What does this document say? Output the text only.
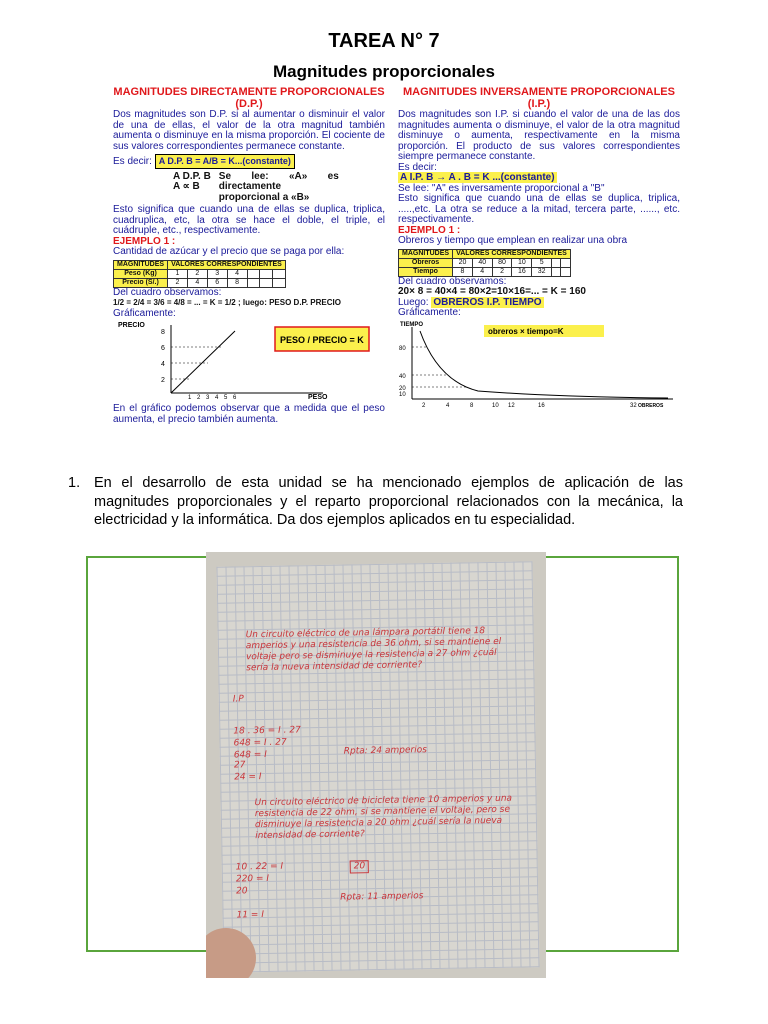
TAREA N° 7
Magnitudes proporcionales
MAGNITUDES DIRECTAMENTE PROPORCIONALES (D.P.)
Dos magnitudes son D.P. si al aumentar o disminuir el valor de una de ellas, el valor de la otra magnitud también aumenta o disminuye en la misma proporción. El cociente de sus valores correspondientes permanece constante.
Es decir: A D.P. B = A/B = K...(constante)
A D.P. B
A ∝ B
Se lee: «A» es directamente proporcional a «B»
Esto significa que cuando una de ellas se duplica, triplica, cuadruplica, etc, la otra se hace el doble, el triple, el cuádruple, etc., respectivamente.
EJEMPLO 1 :
Cantidad de azúcar y el precio que se paga por ella:
MAGNITUDES	VALORES CORRESPONDIENTES						
Peso (Kg)	1	2	3	4			
Precio (S/.)	2	4	6	8			
Del cuadro observamos:
1/2 = 2/4 = 3/6 = 4/8 = ... = K = 1/2 ; luego: PESO D.P. PRECIO
Gráficamente:
PRECIO
8
6
4
2
1 2 3 4 5 6	PESO
PESO / PRECIO = K
En el gráfico podemos observar que a medida que el peso aumenta, el precio también aumenta.
MAGNITUDES INVERSAMENTE PROPORCIONALES (I.P.)
Dos magnitudes son I.P. si cuando el valor de una de las dos magnitudes aumenta o disminuye, el valor de la otra magnitud disminuye o aumenta, respectivamente en la misma proporción. El producto de sus valores correspondientes siempre permanece constante.
Es decir:
A I.P. B → A . B = K ...(constante)
Se lee: "A" es inversamente proporcional a "B"
Esto significa que cuando una de ellas se duplica, triplica, .....,etc. La otra se reduce a la mitad, tercera parte, ......, etc. respectivamente.
EJEMPLO 1 :
Obreros y tiempo que emplean en realizar una obra
MAGNITUDES	VALORES CORRESPONDIENTES						
Obreros	20	40	80	10	5		
Tiempo	8	4	2	16	32		
Del cuadro observamos:
20× 8 = 40×4 = 80×2=10×16=... = K = 160
Luego: OBREROS I.P. TIEMPO
Gráficamente:
TIEMPO
80
40
20
10
2	4	8	10 12	16	32 OBREROS
obreros × tiempo=K
1. En el desarrollo de esta unidad se ha mencionado ejemplos de aplicación de las magnitudes proporcionales y el reparto proporcional relacionados con la mecánica, la electricidad y la informática. Da dos ejemplos aplicados en tu especialidad.
Un circuito eléctrico de una lámpara portátil tiene 18 amperios y una resistencia de 36 ohm, si se mantiene el voltaje pero se disminuye la resistencia a 27 ohm ¿cuál sería la nueva intensidad de corriente?
I.P
18 . 36 = I . 27
648 = I . 27
648 = I
27
24 = I
Rpta: 24 amperios
Un circuito eléctrico de bicicleta tiene 10 amperios y una resistencia de 22 ohm, si se mantiene el voltaje, pero se disminuye la resistencia a 20 ohm ¿cuál sería la nueva intensidad de corriente?
10 . 22 = I
220 = I
20
11 = I
20
Rpta: 11 amperios
